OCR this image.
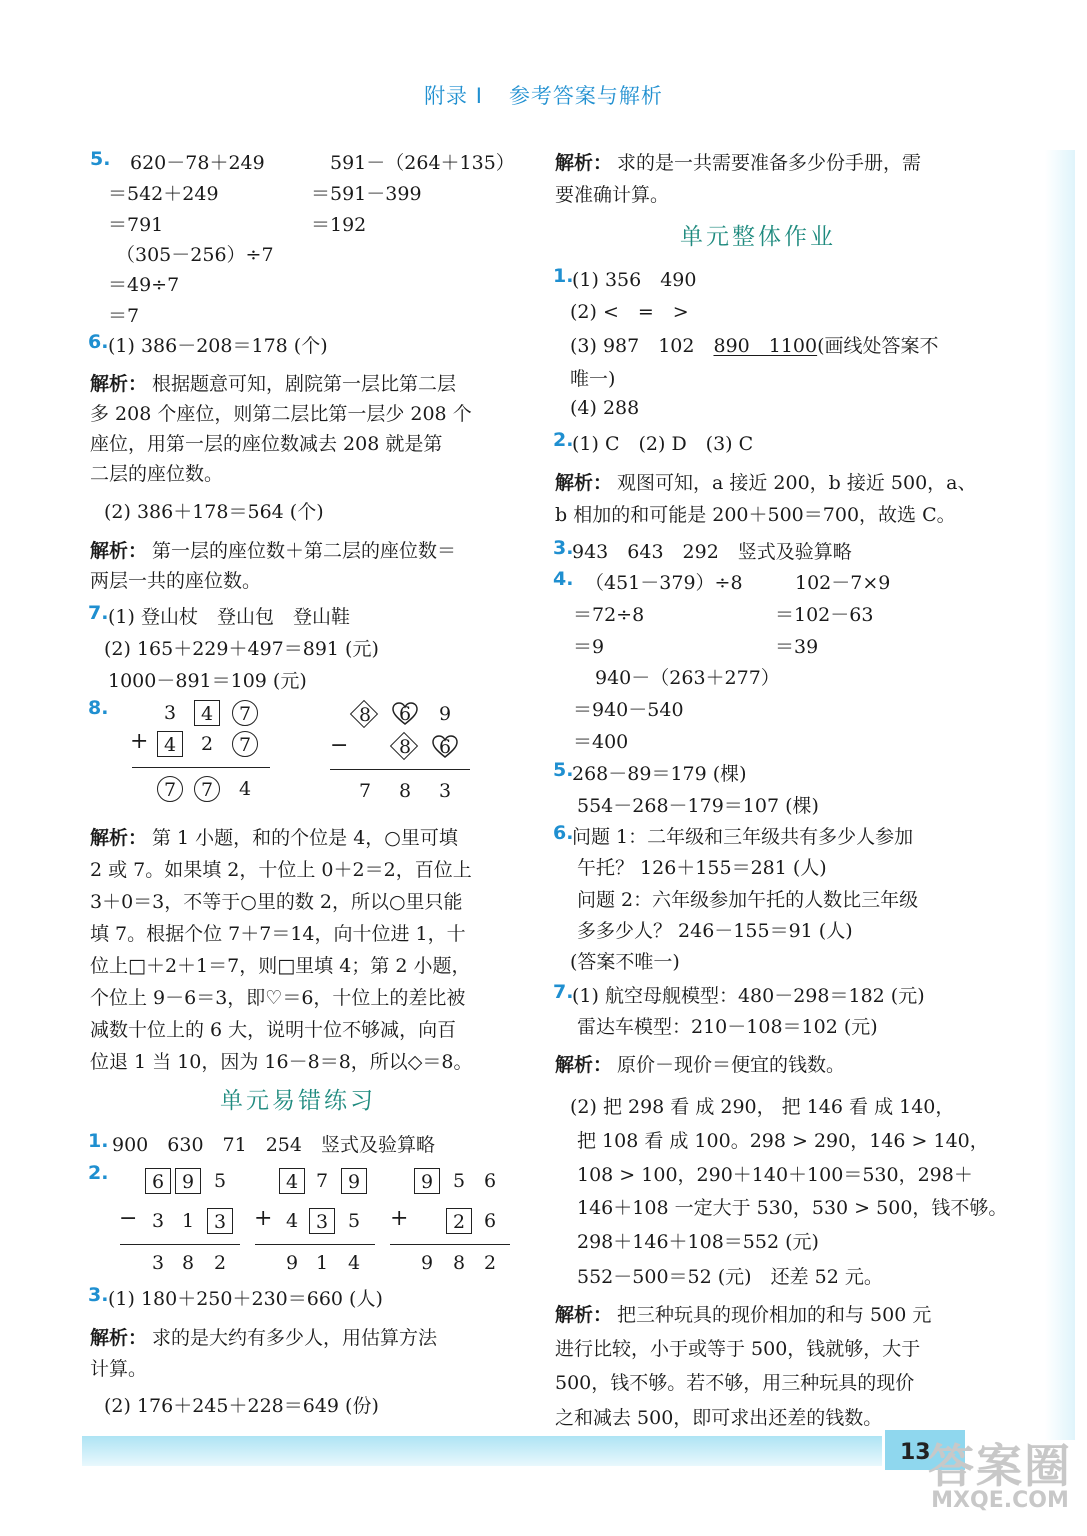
13
答案圈
MXQE.COM
附录 I 参考答案与解析
5. 620－78＋249	591－（264＋135）
＝542＋249	＝591－399
＝791	＝192
（305－256）÷7
＝49÷7
＝7
6. (1) 386－208＝178 (个)
解析： 根据题意可知，剧院第一层比第二层
多 208 个座位，则第二层比第一层少 208 个
座位，用第一层的座位数减去 208 就是第
二层的座位数。
(2) 386＋178＝564 (个)
解析： 第一层的座位数＋第二层的座位数＝
两层一共的座位数。
7. (1) 登山杖　登山包　登山鞋
(2) 165＋229＋497＝891 (元)
1000－891＝109 (元)
8.	3	4	7
+ 4	2	7
7	7	4
8	6	9
−	8	6
7	8	3
解析： 第 1 小题，和的个位是 4，○里可填
2 或 7。如果填 2，十位上 0＋2＝2，百位上
3＋0＝3，不等于○里的数 2，所以○里只能
填 7。根据个位 7＋7＝14，向十位进 1，十
位上□＋2＋1＝7，则□里填 4；第 2 小题，
个位上 9－6＝3，即♡＝6，十位上的差比被
减数十位上的 6 大，说明十位不够减，向百
位退 1 当 10，因为 16－8＝8，所以◇＝8。
单元易错练习
1. 900　630　71　254　竖式及验算略
2.	6 9	5
− 3 1	3
3 8	2
4 7	9
+ 4 3	5
9 1	4
9	5 6
+	2 6
9	8 2
3. (1) 180＋250＋230＝660 (人)
解析： 求的是大约有多少人，用估算方法
计算。
(2) 176＋245＋228＝649 (份)
解析： 求的是一共需要准备多少份手册，需
要准确计算。
单元整体作业
1.
(1) 356　490
(2) <　=　>
(3) 987　102　890　1100(画线处答案不
唯一)
(4) 288
2.
(1) C　(2) D　(3) C
解析： 观图可知，a 接近 200，b 接近 500，a、
b 相加的和可能是 200＋500＝700，故选 C。
3.
943　643　292　竖式及验算略
4. （451－379）÷8	102－7×9
＝72÷8	＝102－63
＝9	＝39
940－（263＋277）
＝940－540
＝400
5.
268－89＝179 (棵)
554－268－179＝107 (棵)
6.
问题 1：二年级和三年级共有多少人参加
午托？ 126＋155＝281 (人)
问题 2：六年级参加午托的人数比三年级
多多少人？ 246－155＝91 (人)
(答案不唯一)
7.
(1) 航空母舰模型：480－298＝182 (元)
雷达车模型：210－108＝102 (元)
解析： 原价－现价＝便宜的钱数。
(2) 把 298 看 成 290， 把 146 看 成 140，
把 108 看 成 100。298 > 290，146 > 140，
108 > 100，290＋140＋100＝530，298＋
146＋108 一定大于 530，530 > 500，钱不够。
298＋146＋108＝552 (元)
552－500＝52 (元)　还差 52 元。
解析： 把三种玩具的现价相加的和与 500 元
进行比较，小于或等于 500，钱就够，大于
500，钱不够。若不够，用三种玩具的现价
之和减去 500，即可求出还差的钱数。
